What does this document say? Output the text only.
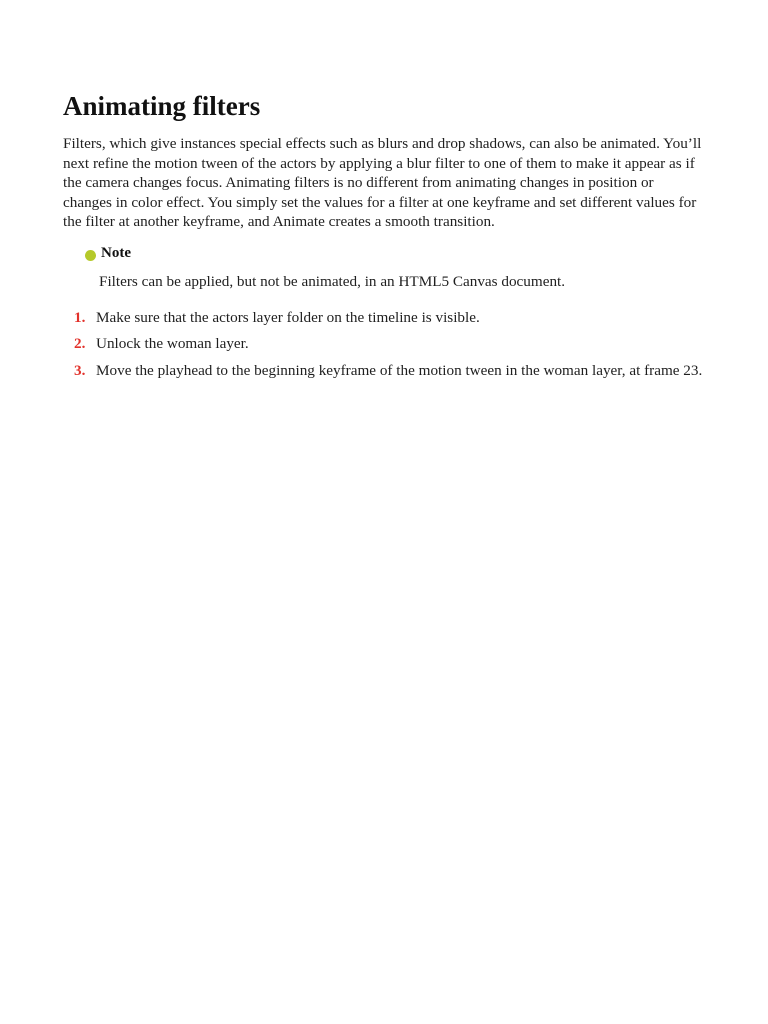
Animating filters

Filters, which give instances special effects such as blurs and drop shadows, can also be animated. You’ll next refine the motion tween of the actors by applying a blur filter to one of them to make it appear as if the camera changes focus. Animating filters is no different from animating changes in position or changes in color effect. You simply set the values for a filter at one keyframe and set different values for the filter at another keyframe, and Animate creates a smooth transition.

Note
Filters can be applied, but not be animated, in an HTML5 Canvas document.
1. Make sure that the actors layer folder on the timeline is visible.
2. Unlock the woman layer.
3. Move the playhead to the beginning keyframe of the motion tween in the woman layer, at frame 23.
